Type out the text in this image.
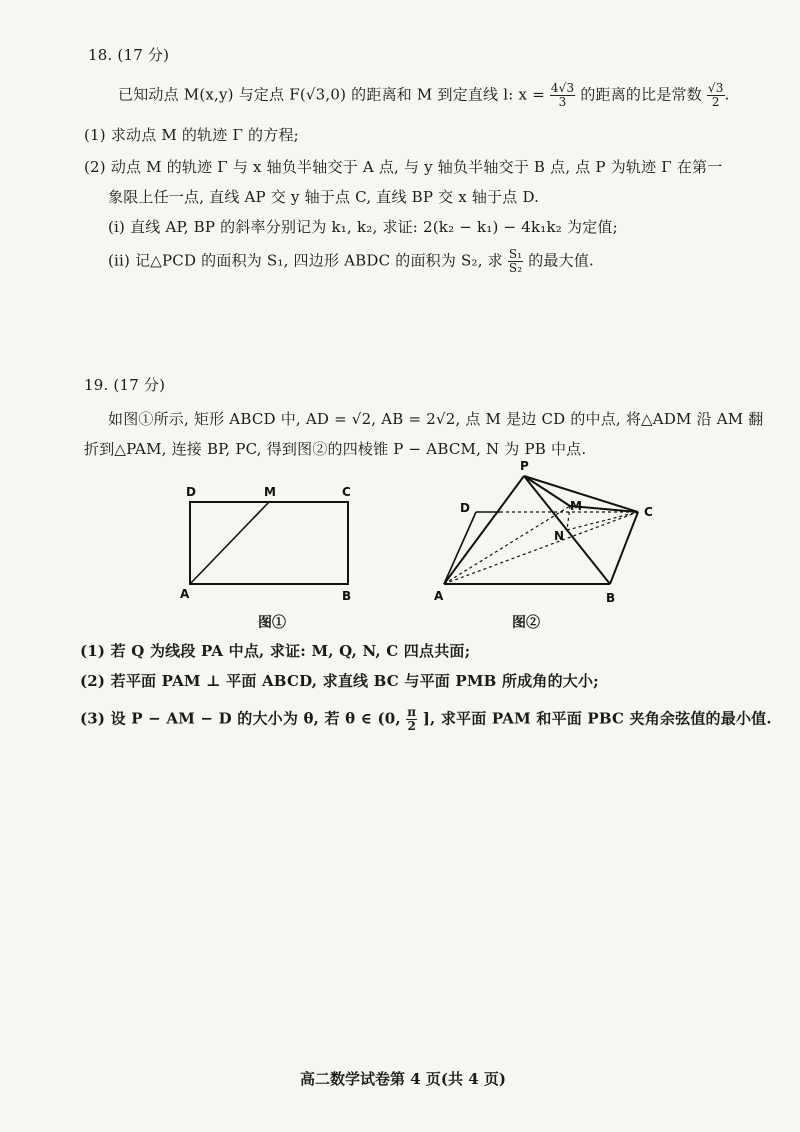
18. (17 分)
已知动点 M(x,y) 与定点 F(√3,0) 的距离和 M 到定直线 l: $x = \frac{4√3}{3}$ 的距离的比是常数 $\frac{√3}{2}$ .
(1) 求动点 M 的轨迹 Γ 的方程;
(2) 动点 M 的轨迹 Γ 与 x 轴负半轴交于 A 点, 与 y 轴负半轴交于 B 点, 点 P 为轨迹 Γ 在第一
象限上任一点, 直线 AP 交 y 轴于点 C, 直线 BP 交 x 轴于点 D.
(i) 直线 AP, BP 的斜率分别记为 k₁, k₂, 求证: 2(k₂ − k₁) − 4k₁k₂ 为定值;
(ii) 记△PCD 的面积为 S₁, 四边形 ABDC 的面积为 S₂, 求 $\frac{\text{S₁}}{\text{S₂}}$ 的最大值.
19. (17 分)
如图①所示, 矩形 ABCD 中, AD = √2, AB = 2√2, 点 M 是边 CD 的中点, 将△ADM 沿 AM 翻
折到△PAM, 连接 BP, PC, 得到图②的四棱锥 P − ABCM, N 为 PB 中点.
D	M	C
A	B
图①
P
D	M	C
N
A	B
图②
(1) 若 Q 为线段 PA 中点, 求证: M, Q, N, C 四点共面;
(2) 若平面 PAM ⊥ 平面 ABCD, 求直线 BC 与平面 PMB 所成角的大小;
(3) 设 P − AM − D 的大小为 θ, 若 θ ∈ (0, $\frac{\pi}{2}$ ], 求平面 PAM 和平面 PBC 夹角余弦值的最小值.
高二数学试卷第 4 页(共 4 页)
